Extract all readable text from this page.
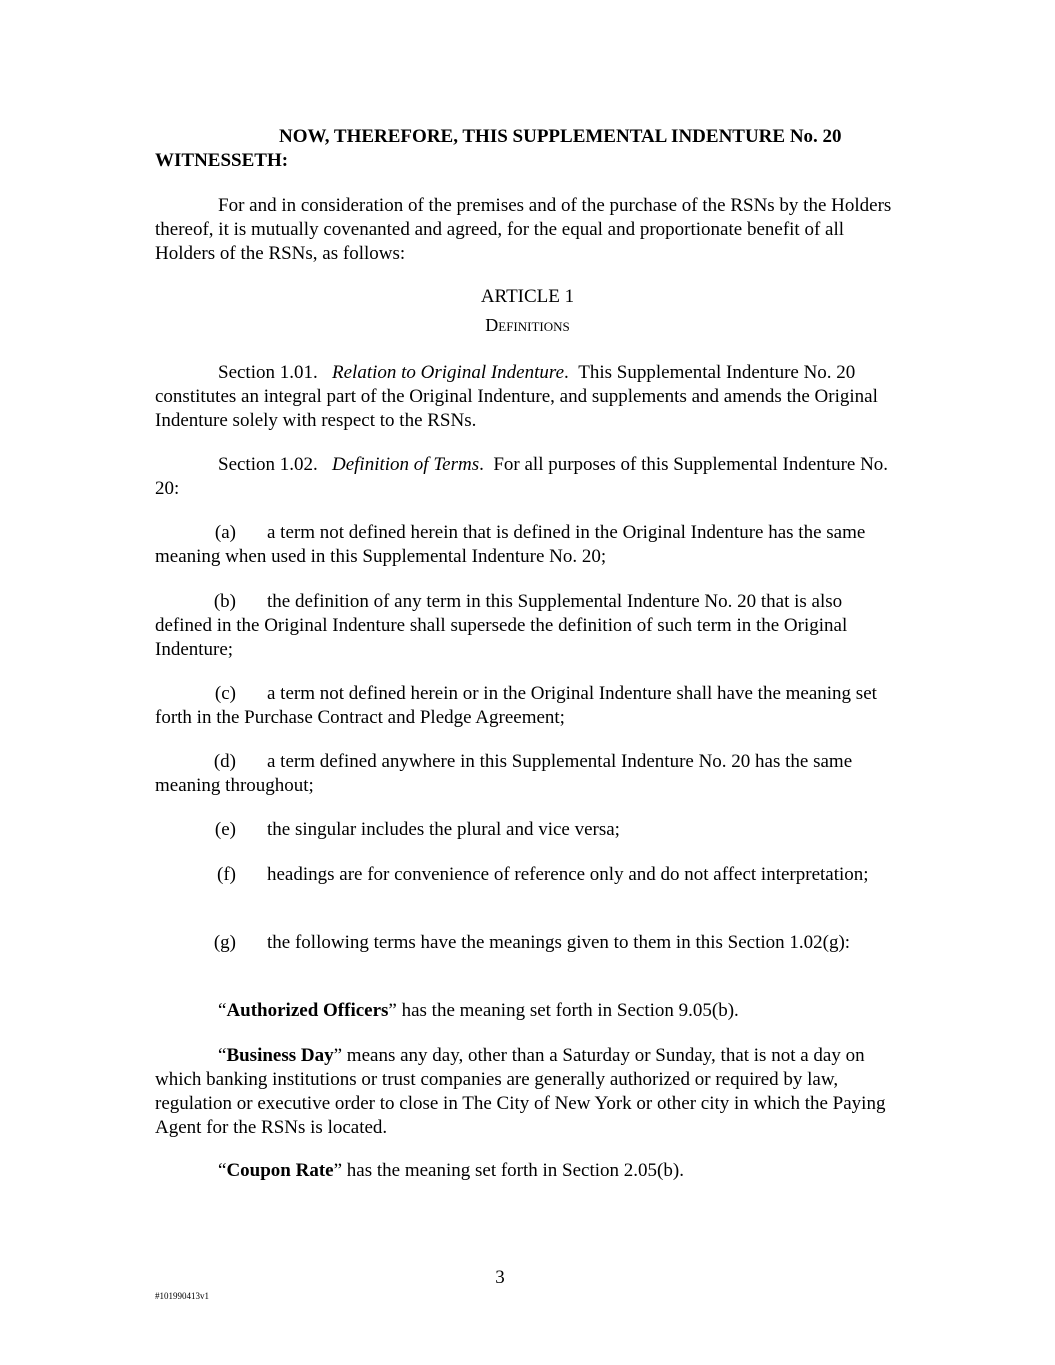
NOW, THEREFORE, THIS SUPPLEMENTAL INDENTURE No. 20
WITNESSETH:

For and in consideration of the premises and of the purchase of the RSNs by the Holders thereof, it is mutually covenanted and agreed, for the equal and proportionate benefit of all Holders of the RSNs, as follows:

ARTICLE 1
Definitions

Section 1.01. Relation to Original Indenture.  This Supplemental Indenture No. 20 constitutes an integral part of the Original Indenture, and supplements and amends the Original Indenture solely with respect to the RSNs.

Section 1.02. Definition of Terms.  For all purposes of this Supplemental Indenture No. 20:

(a) a term not defined herein that is defined in the Original Indenture has the same meaning when used in this Supplemental Indenture No. 20;

(b) the definition of any term in this Supplemental Indenture No. 20 that is also defined in the Original Indenture shall supersede the definition of such term in the Original Indenture;

(c) a term not defined herein or in the Original Indenture shall have the meaning set forth in the Purchase Contract and Pledge Agreement;

(d) a term defined anywhere in this Supplemental Indenture No. 20 has the same meaning throughout;

(e) the singular includes the plural and vice versa;

(f) headings are for convenience of reference only and do not affect interpretation;

(g) the following terms have the meanings given to them in this Section 1.02(g):

“Authorized Officers” has the meaning set forth in Section 9.05(b).

“Business Day” means any day, other than a Saturday or Sunday, that is not a day on which banking institutions or trust companies are generally authorized or required by law, regulation or executive order to close in The City of New York or other city in which the Paying Agent for the RSNs is located.

“Coupon Rate” has the meaning set forth in Section 2.05(b).

3
#101990413v1
